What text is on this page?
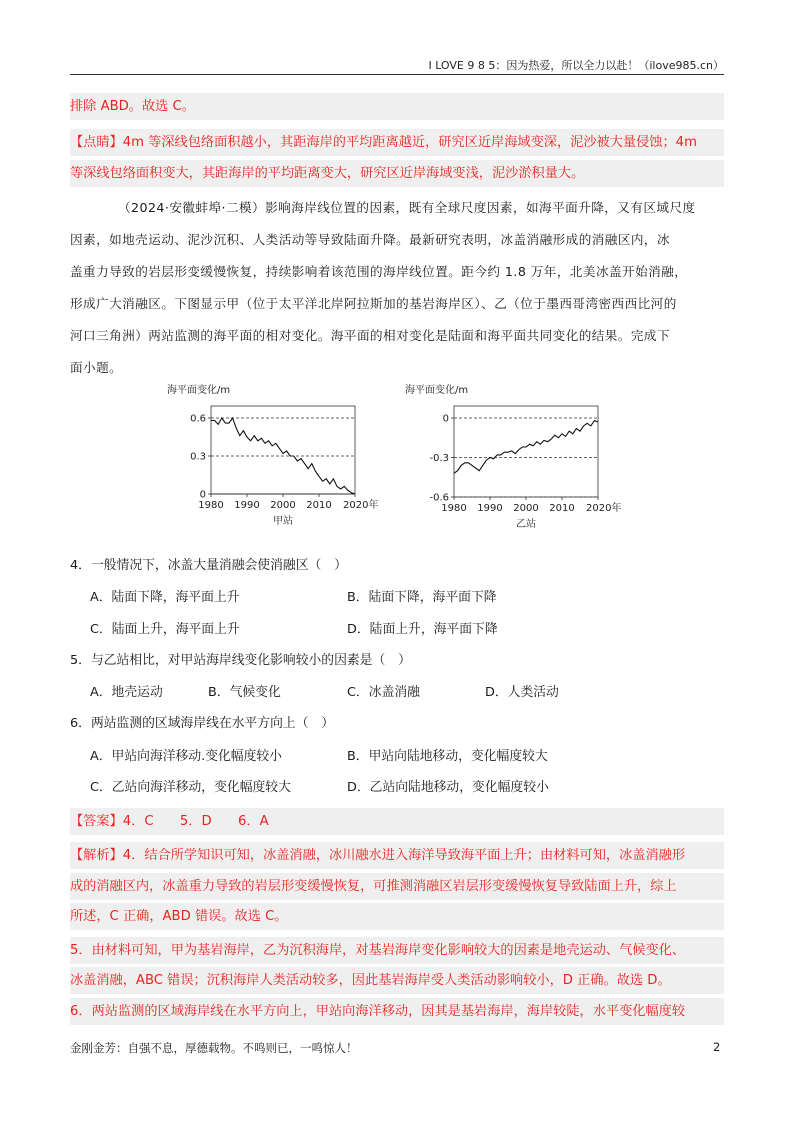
I LOVE 9 8 5：因为热爱，所以全力以赴！（ilove985.cn）
排除 ABD。故选 C。
【点睛】4m 等深线包络面积越小，其距海岸的平均距离越近，研究区近岸海域变深，泥沙被大量侵蚀；4m
等深线包络面积变大，其距海岸的平均距离变大，研究区近岸海域变浅，泥沙淤积量大。
（2024·安徽蚌埠·二模）影响海岸线位置的因素，既有全球尺度因素，如海平面升降，又有区域尺度
因素，如地壳运动、泥沙沉积、人类活动等导致陆面升降。最新研究表明，冰盖消融形成的消融区内，冰
盖重力导致的岩层形变缓慢恢复，持续影响着该范围的海岸线位置。距今约 1.8 万年，北美冰盖开始消融，
形成广大消融区。下图显示甲（位于太平洋北岸阿拉斯加的基岩海岸区）、乙（位于墨西哥湾密西西比河的
河口三角洲）两站监测的海平面的相对变化。海平面的相对变化是陆面和海平面共同变化的结果。完成下
面小题。
海平面变化/m
0.6
0.3
0
1980 1990 2000 2010 2020年
甲站
海平面变化/m
0
-0.3
-0.6
1980 1990 2000 2010 2020年
乙站
4．一般情况下，冰盖大量消融会使消融区（　）
A．陆面下降，海平面上升	B．陆面下降，海平面下降
C．陆面上升，海平面上升	D．陆面上升，海平面下降
5．与乙站相比，对甲站海岸线变化影响较小的因素是（　）
A．地壳运动	B．气候变化	C．冰盖消融	D．人类活动
6．两站监测的区域海岸线在水平方向上（　）
A．甲站向海洋移动.变化幅度较小	B．甲站向陆地移动，变化幅度较大
C．乙站向海洋移动，变化幅度较大	D．乙站向陆地移动，变化幅度较小
【答案】4．C　　5．D　　6．A
【解析】4．结合所学知识可知，冰盖消融，冰川融水进入海洋导致海平面上升；由材料可知，冰盖消融形
成的消融区内，冰盖重力导致的岩层形变缓慢恢复，可推测消融区岩层形变缓慢恢复导致陆面上升，综上
所述，C 正确，ABD 错误。故选 C。
5．由材料可知，甲为基岩海岸，乙为沉积海岸，对基岩海岸变化影响较大的因素是地壳运动、气候变化、
冰盖消融，ABC 错误；沉积海岸人类活动较多，因此基岩海岸受人类活动影响较小，D 正确。故选 D。
6．两站监测的区域海岸线在水平方向上，甲站向海洋移动，因其是基岩海岸，海岸较陡，水平变化幅度较
金刚金芳：自强不息，厚德载物。不鸣则已，一鸣惊人！	2
